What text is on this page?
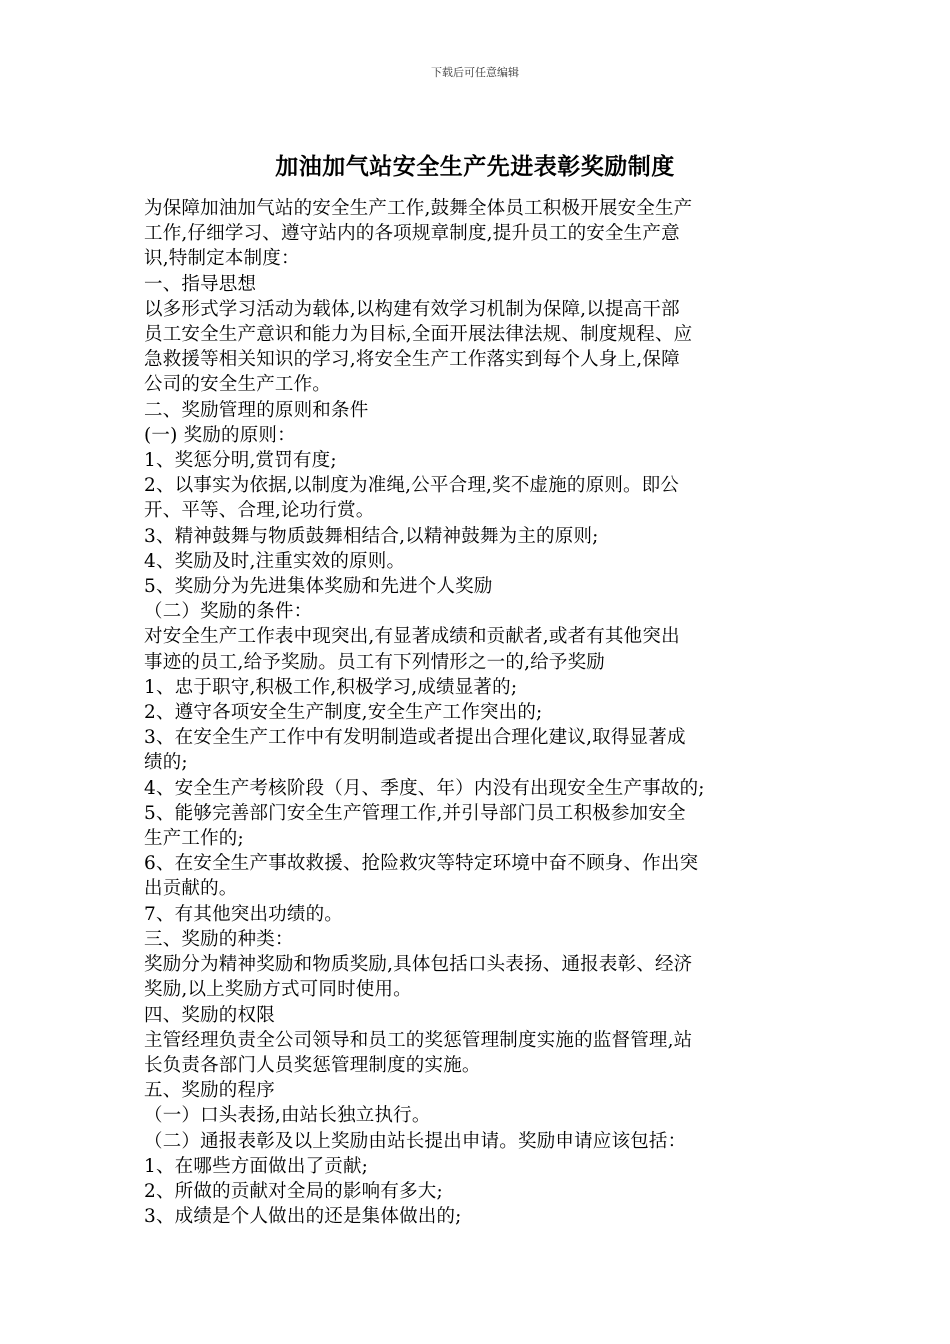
下载后可任意编辑
加油加气站安全生产先进表彰奖励制度

为保障加油加气站的安全生产工作,鼓舞全体员工积极开展安全生产

工作,仔细学习、遵守站内的各项规章制度,提升员工的安全生产意

识,特制定本制度：

一、指导思想

以多形式学习活动为载体,以构建有效学习机制为保障,以提高干部

员工安全生产意识和能力为目标,全面开展法律法规、制度规程、应

急救援等相关知识的学习,将安全生产工作落实到每个人身上,保障

公司的安全生产工作。

二、奖励管理的原则和条件

(一) 奖励的原则：

1、奖惩分明,赏罚有度;

2、以事实为依据,以制度为准绳,公平合理,奖不虚施的原则。即公

开、平等、合理,论功行赏。

3、精神鼓舞与物质鼓舞相结合,以精神鼓舞为主的原则;

4、奖励及时,注重实效的原则。

5、奖励分为先进集体奖励和先进个人奖励

（二）奖励的条件：

对安全生产工作表中现突出,有显著成绩和贡献者,或者有其他突出

事迹的员工,给予奖励。员工有下列情形之一的,给予奖励

1、忠于职守,积极工作,积极学习,成绩显著的;

2、遵守各项安全生产制度,安全生产工作突出的;

3、在安全生产工作中有发明制造或者提出合理化建议,取得显著成

绩的;

4、安全生产考核阶段（月、季度、年）内没有出现安全生产事故的;

5、能够完善部门安全生产管理工作,并引导部门员工积极参加安全

生产工作的;

6、在安全生产事故救援、抢险救灾等特定环境中奋不顾身、作出突

出贡献的。

7、有其他突出功绩的。

三、奖励的种类：

奖励分为精神奖励和物质奖励,具体包括口头表扬、通报表彰、经济

奖励,以上奖励方式可同时使用。

四、奖励的权限

主管经理负责全公司领导和员工的奖惩管理制度实施的监督管理,站

长负责各部门人员奖惩管理制度的实施。

五、奖励的程序

（一）口头表扬,由站长独立执行。

（二）通报表彰及以上奖励由站长提出申请。奖励申请应该包括：

1、在哪些方面做出了贡献;

2、所做的贡献对全局的影响有多大;

3、成绩是个人做出的还是集体做出的;
